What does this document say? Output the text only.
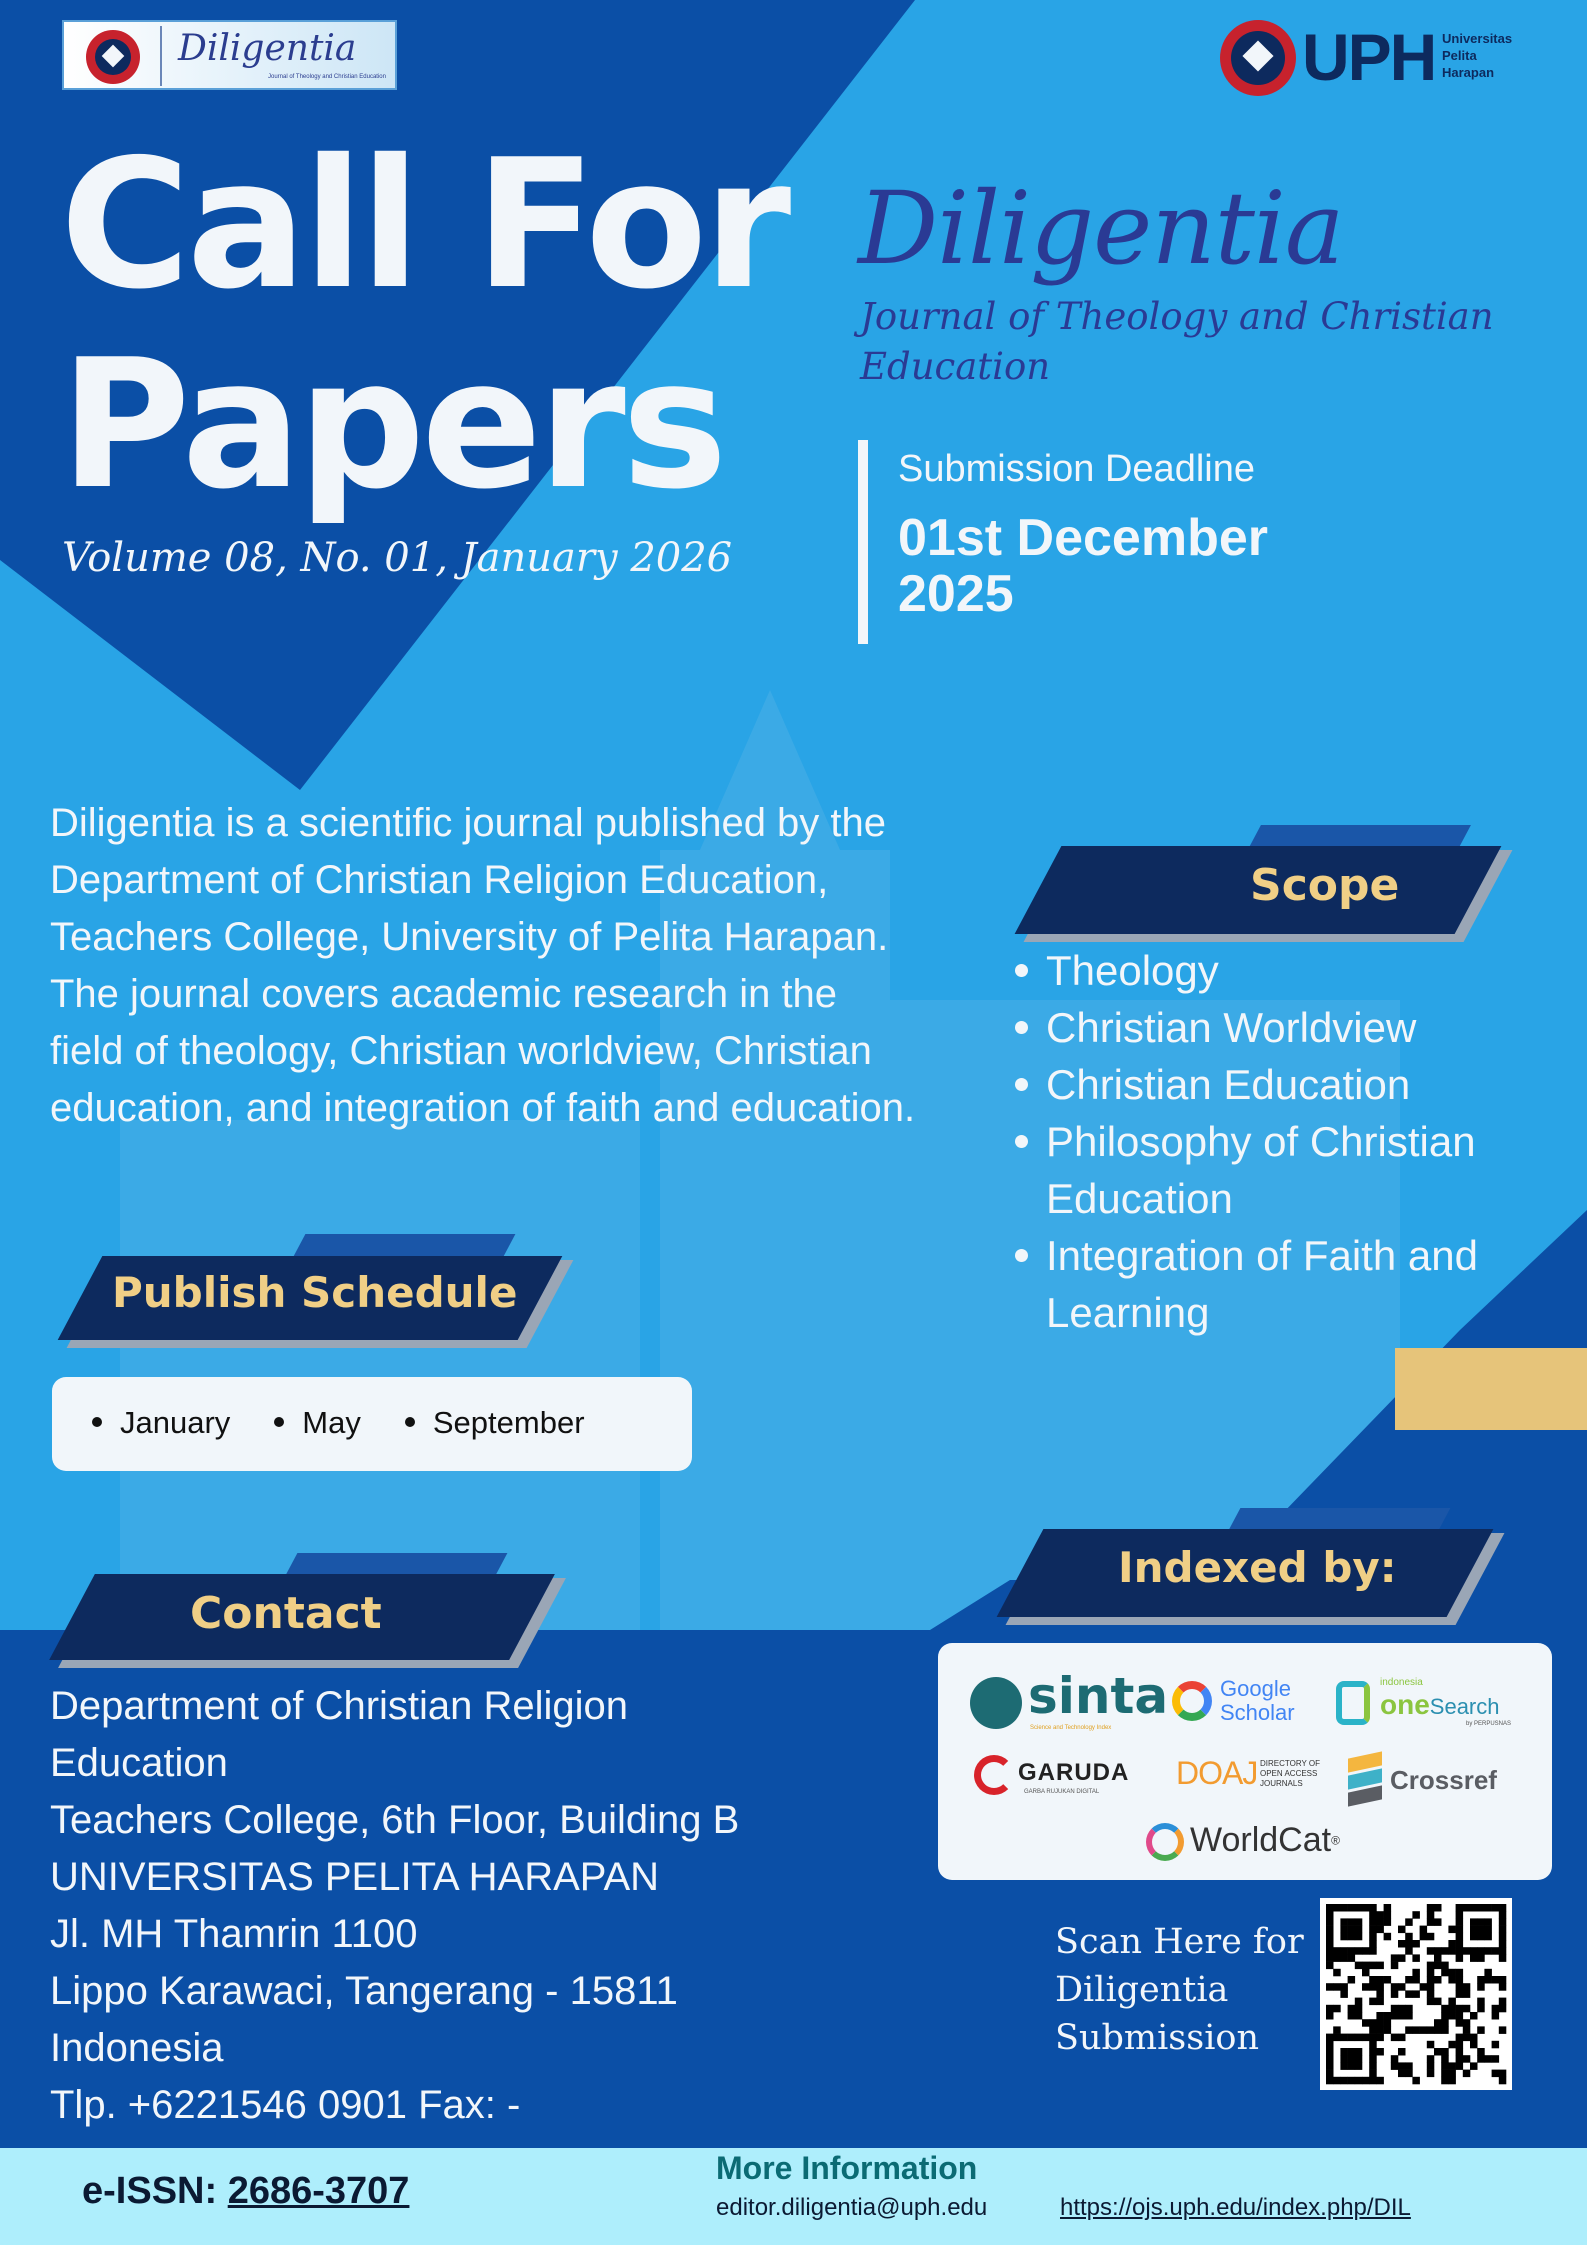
Diligentia
Journal of Theology and Christian Education	UPH Universitas
Pelita
Harapan
Call For
Papers
Volume 08, No. 01, January 2026
Diligentia
Journal of Theology and Christian
Education
Submission Deadline
01st December
2025
Diligentia is a scientific journal published by the Department of Christian Religion Education, Teachers College, University of Pelita Harapan. The journal covers academic research in the field of theology, Christian worldview, Christian education, and integration of faith and education.
Scope
Theology
Christian Worldview
Christian Education
Philosophy of Christian Education
Integration of Faith and Learning
Publish Schedule
January	May	September
Indexed by:
sinta
Science and Technology Index
Google
Scholar
indonesia
oneSearch
by PERPUSNAS
GARUDA
GARBA RUJUKAN DIGITAL
DOAJ DIRECTORY OF
OPEN ACCESS
JOURNALS	Crossref
WorldCat®
Contact
Department of Christian Religion
Education
Teachers College, 6th Floor, Building B
UNIVERSITAS PELITA HARAPAN
Jl. MH Thamrin 1100
Lippo Karawaci, Tangerang - 15811
Indonesia
Tlp. +6221546 0901 Fax: -
Scan Here for
Diligentia
Submission
e-ISSN: 2686-3707
More Information
editor.diligentia@uph.edu	https://ojs.uph.edu/index.php/DIL
